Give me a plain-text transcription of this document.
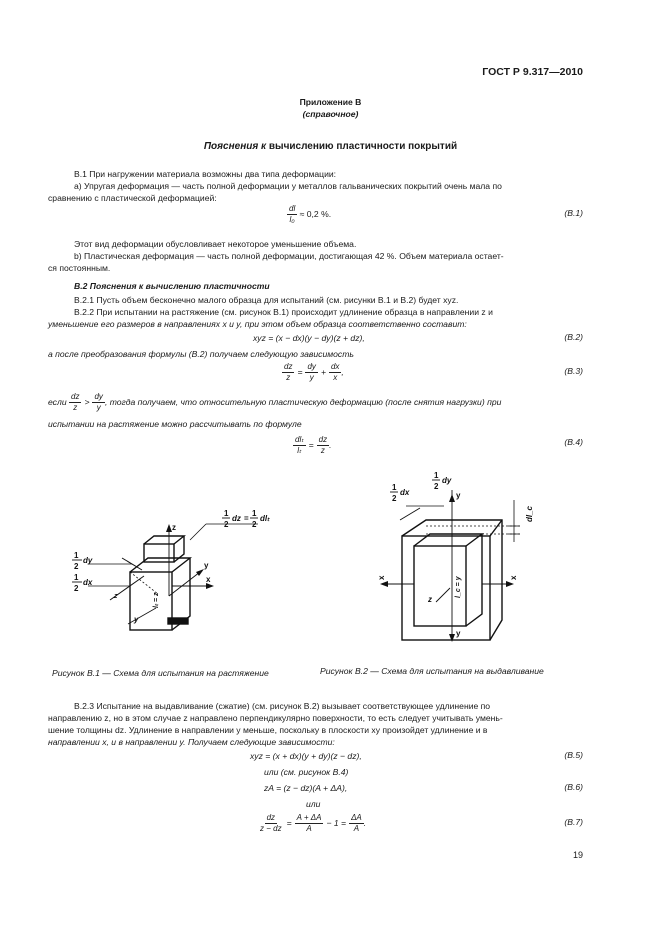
ГОСТ Р 9.317—2010
Приложение В
(справочное)
Пояснения к вычислению пластичности покрытий
В.1 При нагружении материала возможны два типа деформации:
а) Упругая деформация — часть полной деформации у металлов гальванических покрытий очень мала по
сравнению с пластической деформацией:
$\frac{dl}{\text{l₀}} \approx 0,2$ %.	(В.1)
Этот вид деформации обусловливает некоторое уменьшение объема.
b) Пластическая деформация — часть полной деформации, достигающая 42 %. Объем материала остает-
ся постоянным.
В.2 Пояснения к вычислению пластичности
В.2.1 Пусть объем бесконечно малого образца для испытаний (см. рисунки В.1 и В.2) будет xyz.
В.2.2 При испытании на растяжение (см. рисунок В.1) происходит удлинение образца в направлении z и
уменьшение его размеров в направлениях x и y, при этом объем образца соответственно составит:
xyz = (x − dx)(y − dy)(z + dz),	(В.2)
а после преобразования формулы (В.2) получаем следующую зависимость
$\frac{dz}{z} = \frac{dy}{y} + \frac{dx}{x}$ ,	(В.3)
если $\frac{dz}{z} > \frac{dy}{y}$ , тогда получаем, что относительную пластическую деформацию (после снятия нагрузки) при
испытании на растяжение можно рассчитывать по формуле
$\frac{\text{dlₜ}}{\text{lₜ}} = \frac{dz}{z}$ .	(В.4)
z
y
x
y
z	lₜ = z
1
2
dy
1
2
dx
1
2
dz =
1
2
dlₜ
Рисунок В.1 — Схема для испытания на растяжение
y
y
x	x
z
l_c = y
1
2
dx
1
2
dy
dl_c
Рисунок В.2 — Схема для испытания на выдавливание
В.2.3 Испытание на выдавливание (сжатие) (см. рисунок В.2) вызывает соответствующее удлинение по
направлению z, но в этом случае z направлено перпендикулярно поверхности, то есть следует учитывать умень-
шение толщины dz. Удлинение в направлении y меньше, поскольку в плоскости xy произойдет удлинение и в
направлении x, и в направлении y. Получаем следующие зависимости:
xyz = (x + dx)(y + dy)(z − dz),	(В.5)
или (см. рисунок В.4)
zA = (z − dz)(A + ΔA),	(В.6)
или
$\frac{dz}{z - dz} = \frac{A + \Delta A}{A} - 1 = \frac{\Delta A}{A}$ .	(В.7)
19
